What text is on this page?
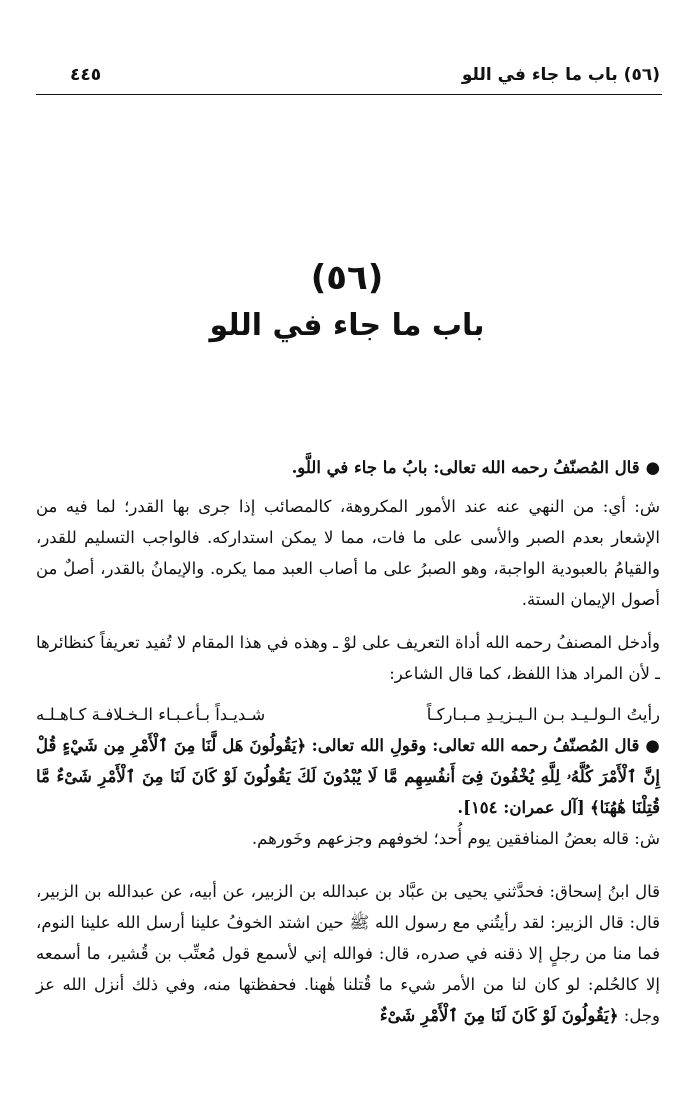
(٥٦) باب ما جاء في اللو
٤٤٥
(٥٦)
باب ما جاء في اللو

●قال المُصنّفُ رحمه الله تعالى: بابُ ما جاء في اللَّو.

ش: أي: من النهي عنه عند الأمور المكروهة، كالمصائب إذا جرى بها القدر؛ لما فيه من الإشعار بعدم الصبر والأسى على ما فات، مما لا يمكن استداركه. فالواجب التسليم للقدر، والقيامُ بالعبودية الواجبة، وهو الصبرُ على ما أصاب العبد مما يكره. والإيمانُ بالقدر، أصلٌ من أصول الإيمان الستة.

وأدخل المصنفُ رحمه الله أداة التعريف على لوْ ـ وهذه في هذا المقام لا تُفيد تعريفاً كنظائرها ـ لأن المراد هذا اللفظ، كما قال الشاعر:

رأيتُ الـولـيـد بـن الـيـزيـدِ مـبـاركـاً
شـديـداً بـأعـبـاء الـخـلافـة كـاهـلـه

●قال المُصنّفُ رحمه الله تعالى: وقولِ الله تعالى: ﴿يَقُولُونَ هَل لَّنَا مِنَ ٱلْأَمْرِ مِن شَيْءٍ قُلْ إِنَّ ٱلْأَمْرَ كُلَّهُۥ لِلَّهِ يُخْفُونَ فِىٓ أَنفُسِهِم مَّا لَا يُبْدُونَ لَكَ يَقُولُونَ لَوْ كَانَ لَنَا مِنَ ٱلْأَمْرِ شَىْءٌ مَّا قُتِلْنَا هَٰهُنَا﴾ [آل عمران: ١٥٤].

ش: قاله بعضُ المنافقين يوم أُحد؛ لخوفهم وجزعهم وخَورهم.

قال ابنُ إسحاق: فحدَّثني يحيى بن عبَّاد بن عبدالله بن الزبير، عن أبيه، عن عبدالله بن الزبير، قال: قال الزبير: لقد رأيتُني مع رسول الله ﷺ حين اشتد الخوفُ علينا أرسل الله علينا النوم، فما منا من رجلٍ إلا ذقنه في صدره، قال: فوالله إني لأسمع قول مُعتِّب بن قُشير، ما أسمعه إلا كالحُلم: لو كان لنا من الأمر شيء ما قُتلنا هٰهنا. فحفظتها منه، وفي ذلك أنزل الله عز وجل: ﴿يَقُولُونَ لَوْ كَانَ لَنَا مِنَ ٱلْأَمْرِ شَىْءٌ
